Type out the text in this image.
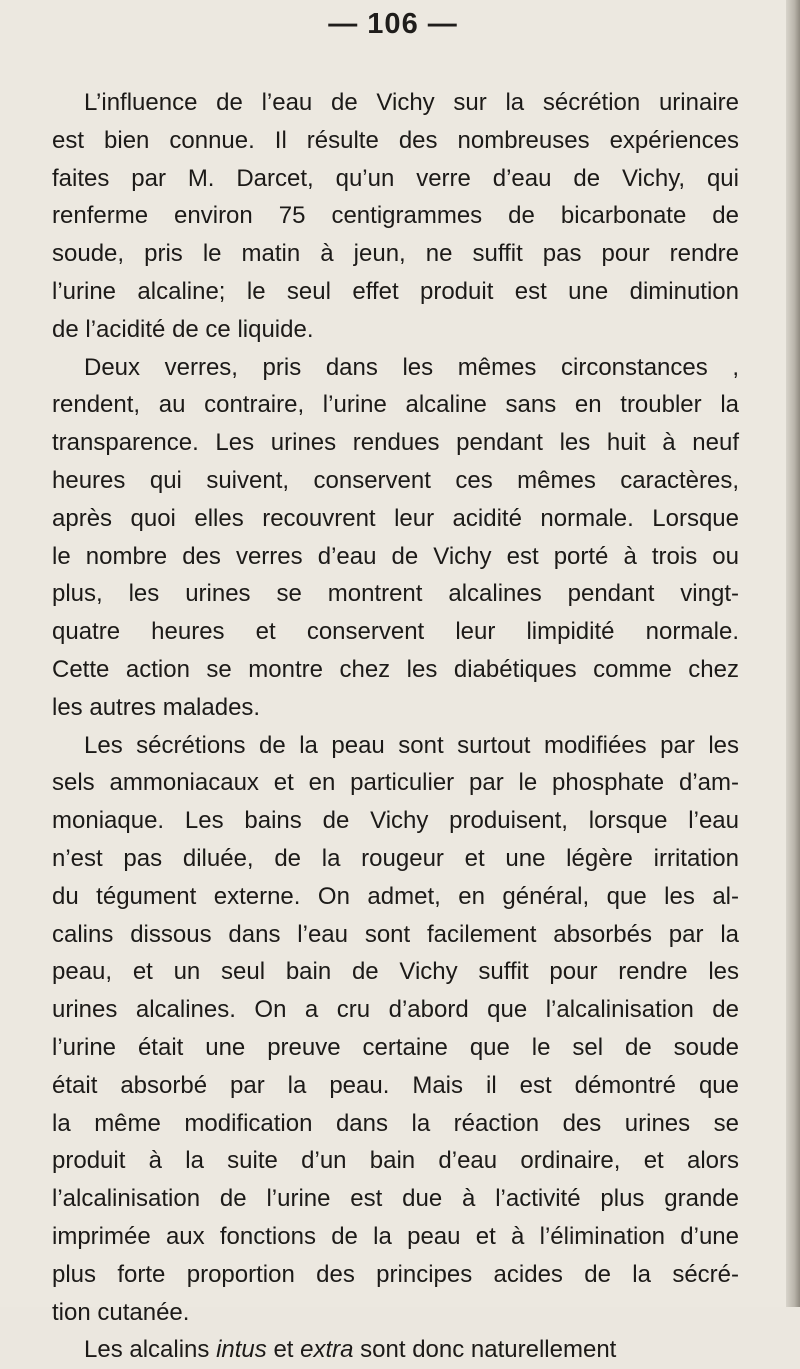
— 106 —
L’influence de l’eau de Vichy sur la sécrétion urinaire
est bien connue. Il résulte des nombreuses expériences
faites par M. Darcet, qu’un verre d’eau de Vichy, qui
renferme environ 75 centigrammes de bicarbonate de
soude, pris le matin à jeun, ne suffit pas pour rendre
l’urine alcaline; le seul effet produit est une diminution
de l’acidité de ce liquide.
Deux verres, pris dans les mêmes circonstances ,
rendent, au contraire, l’urine alcaline sans en troubler la
transparence. Les urines rendues pendant les huit à neuf
heures qui suivent, conservent ces mêmes caractères,
après quoi elles recouvrent leur acidité normale. Lorsque
le nombre des verres d’eau de Vichy est porté à trois ou
plus, les urines se montrent alcalines pendant vingt-
quatre heures et conservent leur limpidité normale.
Cette action se montre chez les diabétiques comme chez
les autres malades.
Les sécrétions de la peau sont surtout modifiées par les
sels ammoniacaux et en particulier par le phosphate d’am-
moniaque. Les bains de Vichy produisent, lorsque l’eau
n’est pas diluée, de la rougeur et une légère irritation
du tégument externe. On admet, en général, que les al-
calins dissous dans l’eau sont facilement absorbés par la
peau, et un seul bain de Vichy suffit pour rendre les
urines alcalines. On a cru d’abord que l’alcalinisation de
l’urine était une preuve certaine que le sel de soude
était absorbé par la peau. Mais il est démontré que
la même modification dans la réaction des urines se
produit à la suite d’un bain d’eau ordinaire, et alors
l’alcalinisation de l’urine est due à l’activité plus grande
imprimée aux fonctions de la peau et à l’élimination d’une
plus forte proportion des principes acides de la sécré-
tion cutanée.
Les alcalins intus et extra sont donc naturellement
